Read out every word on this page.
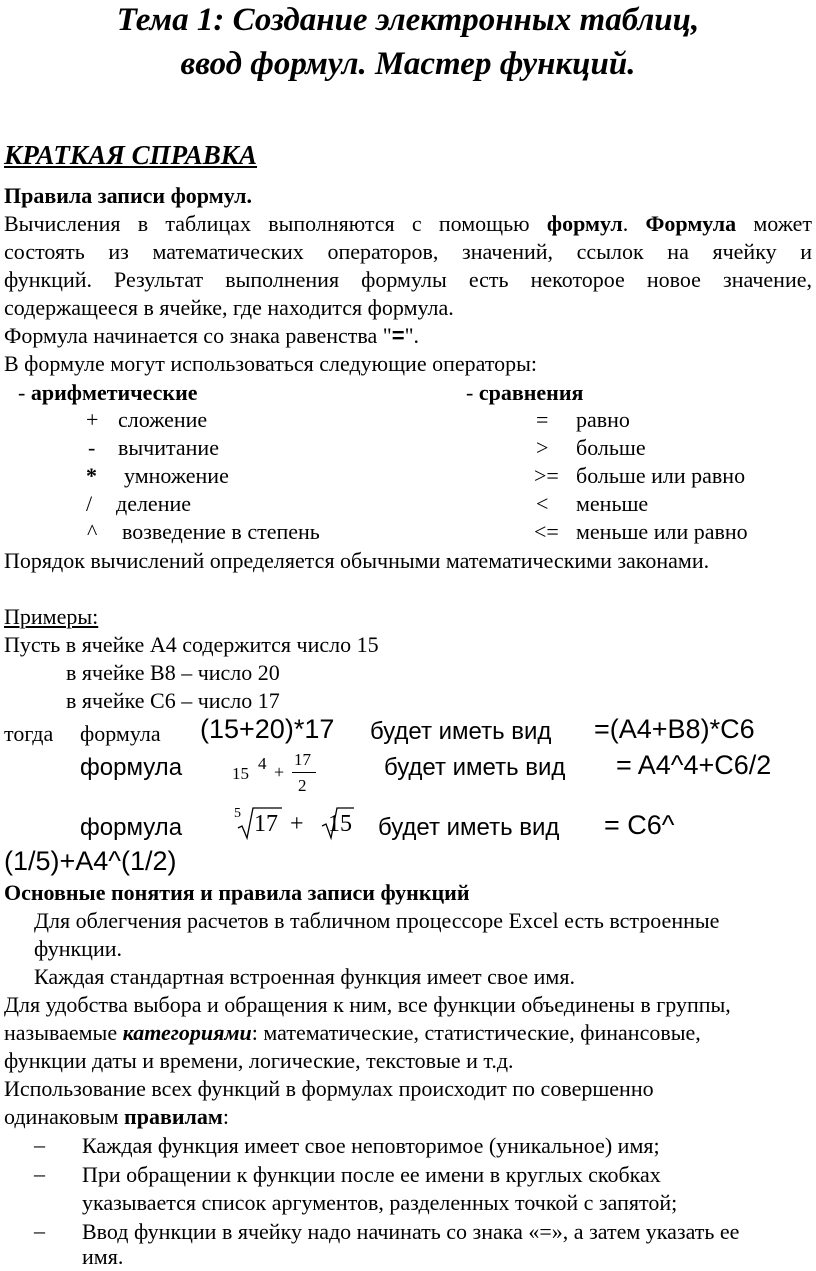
Тема 1: Создание электронных таблиц,
ввод формул. Мастер функций.
КРАТКАЯ СПРАВКА
Правила записи формул.
Вычисления в таблицах выполняются с помощью формул. Формула может
состоять из математических операторов, значений, ссылок на ячейку и
функций. Результат выполнения формулы есть некоторое новое значение,
содержащееся в ячейке, где находится формула.
Формула начинается со знака равенства "=".
В формуле могут использоваться следующие операторы:
- арифметические	- сравнения
+ сложение
- вычитание
* умножение
/ деление
^ возведение в степень
= равно
> больше
>= больше или равно
< меньше
<= меньше или равно
Порядок вычислений определяется обычными математическими законами.
Примеры:
Пусть в ячейке А4 содержится число 15
в ячейке В8 – число 20
в ячейке С6 – число 17
тогда формула (15+20)*17 будет иметь вид =(A4+B8)*C6
формула	15
4 +
17
2
будет иметь вид = A4^4+C6/2
формула
5 17 + 15 будет иметь вид = C6^
(1/5)+A4^(1/2)
Основные понятия и правила записи функций
Для облегчения расчетов в табличном процессоре Excel есть встроенные
функции.
Каждая стандартная встроенная функция имеет свое имя.
Для удобства выбора и обращения к ним, все функции объединены в группы,
называемые категориями: математические, статистические, финансовые,
функции даты и времени, логические, текстовые и т.д.
Использование всех функций в формулах происходит по совершенно
одинаковым правилам:
– Каждая функция имеет свое неповторимое (уникальное) имя;
– При обращении к функции после ее имени в круглых скобках
указывается список аргументов, разделенных точкой с запятой;
– Ввод функции в ячейку надо начинать со знака «=», а затем указать ее
имя.
